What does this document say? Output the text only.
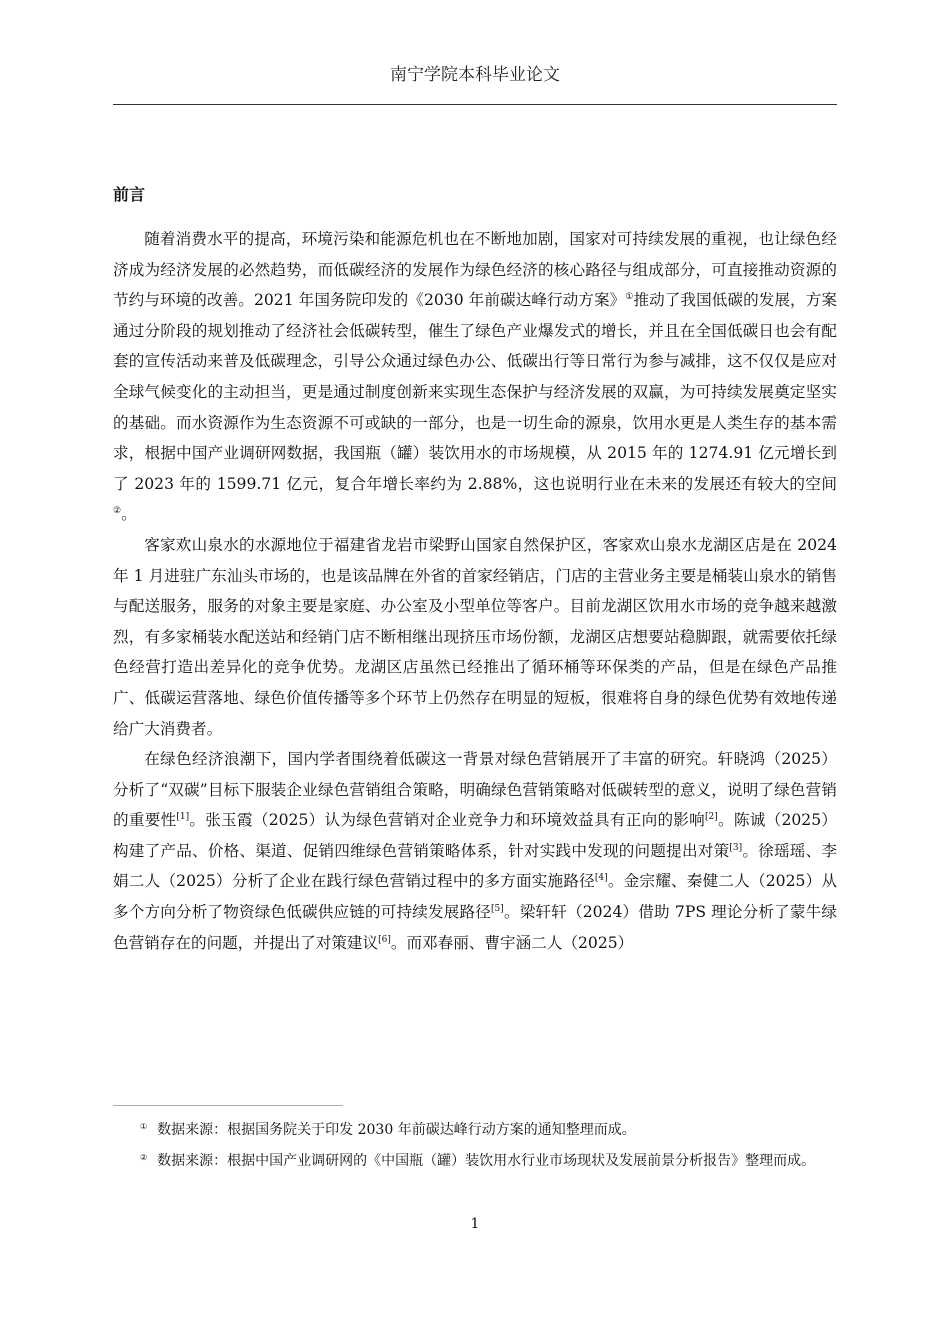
南宁学院本科毕业论文
前言

随着消费水平的提高，环境污染和能源危机也在不断地加剧，国家对可持续发展的重视，也让绿色经济成为经济发展的必然趋势，而低碳经济的发展作为绿色经济的核心路径与组成部分，可直接推动资源的节约与环境的改善。2021 年国务院印发的《2030 年前碳达峰行动方案》①推动了我国低碳的发展，方案通过分阶段的规划推动了经济社会低碳转型，催生了绿色产业爆发式的增长，并且在全国低碳日也会有配套的宣传活动来普及低碳理念，引导公众通过绿色办公、低碳出行等日常行为参与减排，这不仅仅是应对全球气候变化的主动担当，更是通过制度创新来实现生态保护与经济发展的双赢，为可持续发展奠定坚实的基础。而水资源作为生态资源不可或缺的一部分，也是一切生命的源泉，饮用水更是人类生存的基本需求，根据中国产业调研网数据，我国瓶（罐）装饮用水的市场规模，从 2015 年的 1274.91 亿元增长到了 2023 年的 1599.71 亿元，复合年增长率约为 2.88%，这也说明行业在未来的发展还有较大的空间②。

客家欢山泉水的水源地位于福建省龙岩市梁野山国家自然保护区，客家欢山泉水龙湖区店是在 2024 年 1 月进驻广东汕头市场的，也是该品牌在外省的首家经销店，门店的主营业务主要是桶装山泉水的销售与配送服务，服务的对象主要是家庭、办公室及小型单位等客户。目前龙湖区饮用水市场的竞争越来越激烈，有多家桶装水配送站和经销门店不断相继出现挤压市场份额，龙湖区店想要站稳脚跟，就需要依托绿色经营打造出差异化的竞争优势。龙湖区店虽然已经推出了循环桶等环保类的产品，但是在绿色产品推广、低碳运营落地、绿色价值传播等多个环节上仍然存在明显的短板，很难将自身的绿色优势有效地传递给广大消费者。

在绿色经济浪潮下，国内学者围绕着低碳这一背景对绿色营销展开了丰富的研究。轩晓鸿（2025）分析了“双碳”目标下服装企业绿色营销组合策略，明确绿色营销策略对低碳转型的意义，说明了绿色营销的重要性[1]。张玉霞（2025）认为绿色营销对企业竞争力和环境效益具有正向的影响[2]。陈诚（2025）构建了产品、价格、渠道、促销四维绿色营销策略体系，针对实践中发现的问题提出对策[3]。徐瑶瑶、李娟二人（2025）分析了企业在践行绿色营销过程中的多方面实施路径[4]。金宗耀、秦健二人（2025）从多个方向分析了物资绿色低碳供应链的可持续发展路径[5]。梁轩轩（2024）借助 7PS 理论分析了蒙牛绿色营销存在的问题，并提出了对策建议[6]。而邓春丽、曹宇涵二人（2025）

① 数据来源：根据国务院关于印发 2030 年前碳达峰行动方案的通知整理而成。

② 数据来源：根据中国产业调研网的《中国瓶（罐）装饮用水行业市场现状及发展前景分析报告》整理而成。

1
